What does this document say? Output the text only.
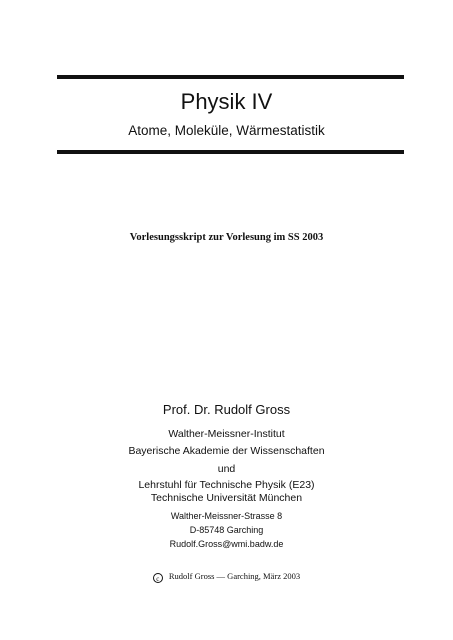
Physik IV
Atome, Moleküle, Wärmestatistik
Vorlesungsskript zur Vorlesung im SS 2003
Prof. Dr. Rudolf Gross
Walther-Meissner-Institut
Bayerische Akademie der Wissenschaften
und
Lehrstuhl für Technische Physik (E23)
Technische Universität München
Walther-Meissner-Strasse 8
D-85748 Garching
Rudolf.Gross@wmi.badw.de
c Rudolf Gross — Garching, März 2003
